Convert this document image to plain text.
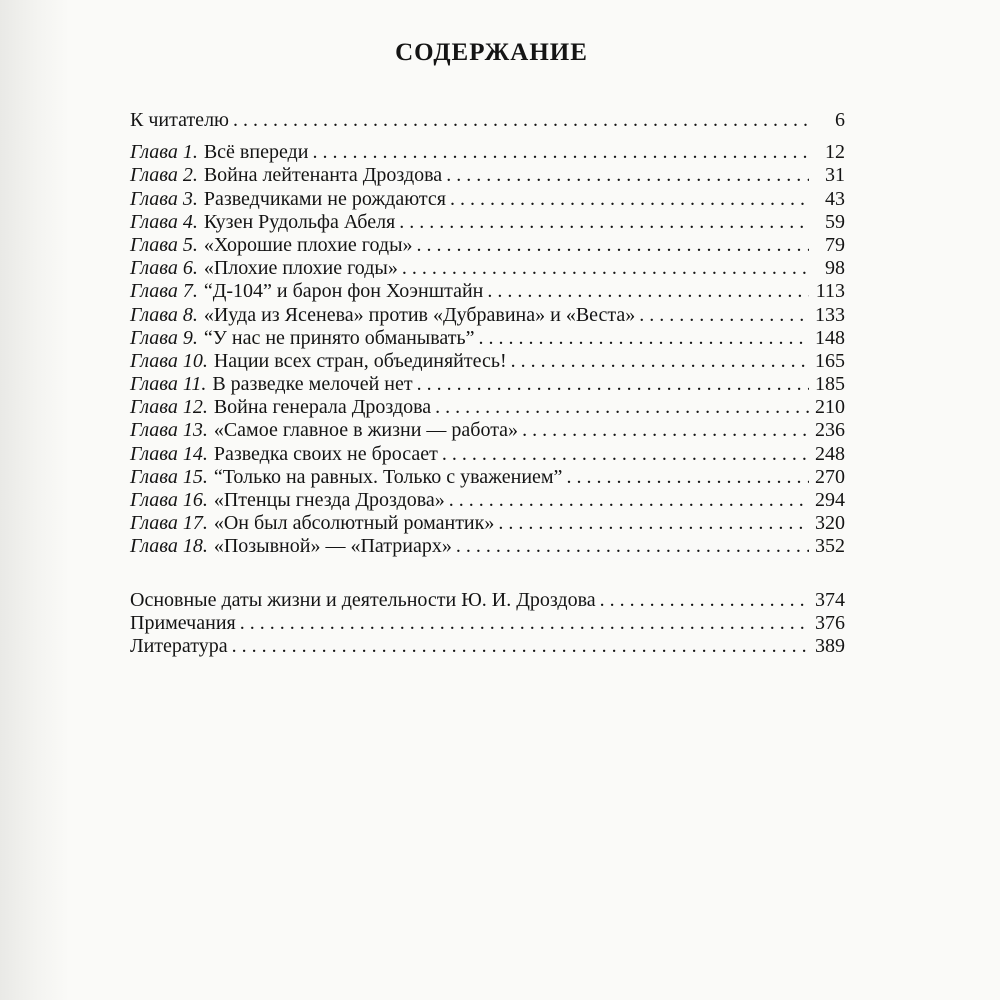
СОДЕРЖАНИЕ
К читателю . . .	6
Глава 1. Всё впереди . . .	12
Глава 2. Война лейтенанта Дроздова . . .	31
Глава 3. Разведчиками не рождаются . . .	43
Глава 4. Кузен Рудольфа Абеля . . .	59
Глава 5. «Хорошие плохие годы» . . .	79
Глава 6. «Плохие плохие годы» . . .	98
Глава 7. “Д-104” и барон фон Хоэнштайн . . .	113
Глава 8. «Иуда из Ясенева» против «Дубравина» и «Веста» . . .	133
Глава 9. “У нас не принято обманывать” . . .	148
Глава 10. Нации всех стран, объединяйтесь! . . .	165
Глава 11. В разведке мелочей нет . . .	185
Глава 12. Война генерала Дроздова . . .	210
Глава 13. «Самое главное в жизни — работа» . . .	236
Глава 14. Разведка своих не бросает . . .	248
Глава 15. “Только на равных. Только с уважением” . . .	270
Глава 16. «Птенцы гнезда Дроздова» . . .	294
Глава 17. «Он был абсолютный романтик» . . .	320
Глава 18. «Позывной» — «Патриарх» . . .	352
Основные даты жизни и деятельности Ю. И. Дроздова . . .	374
Примечания . . .	376
Литература . . .	389
